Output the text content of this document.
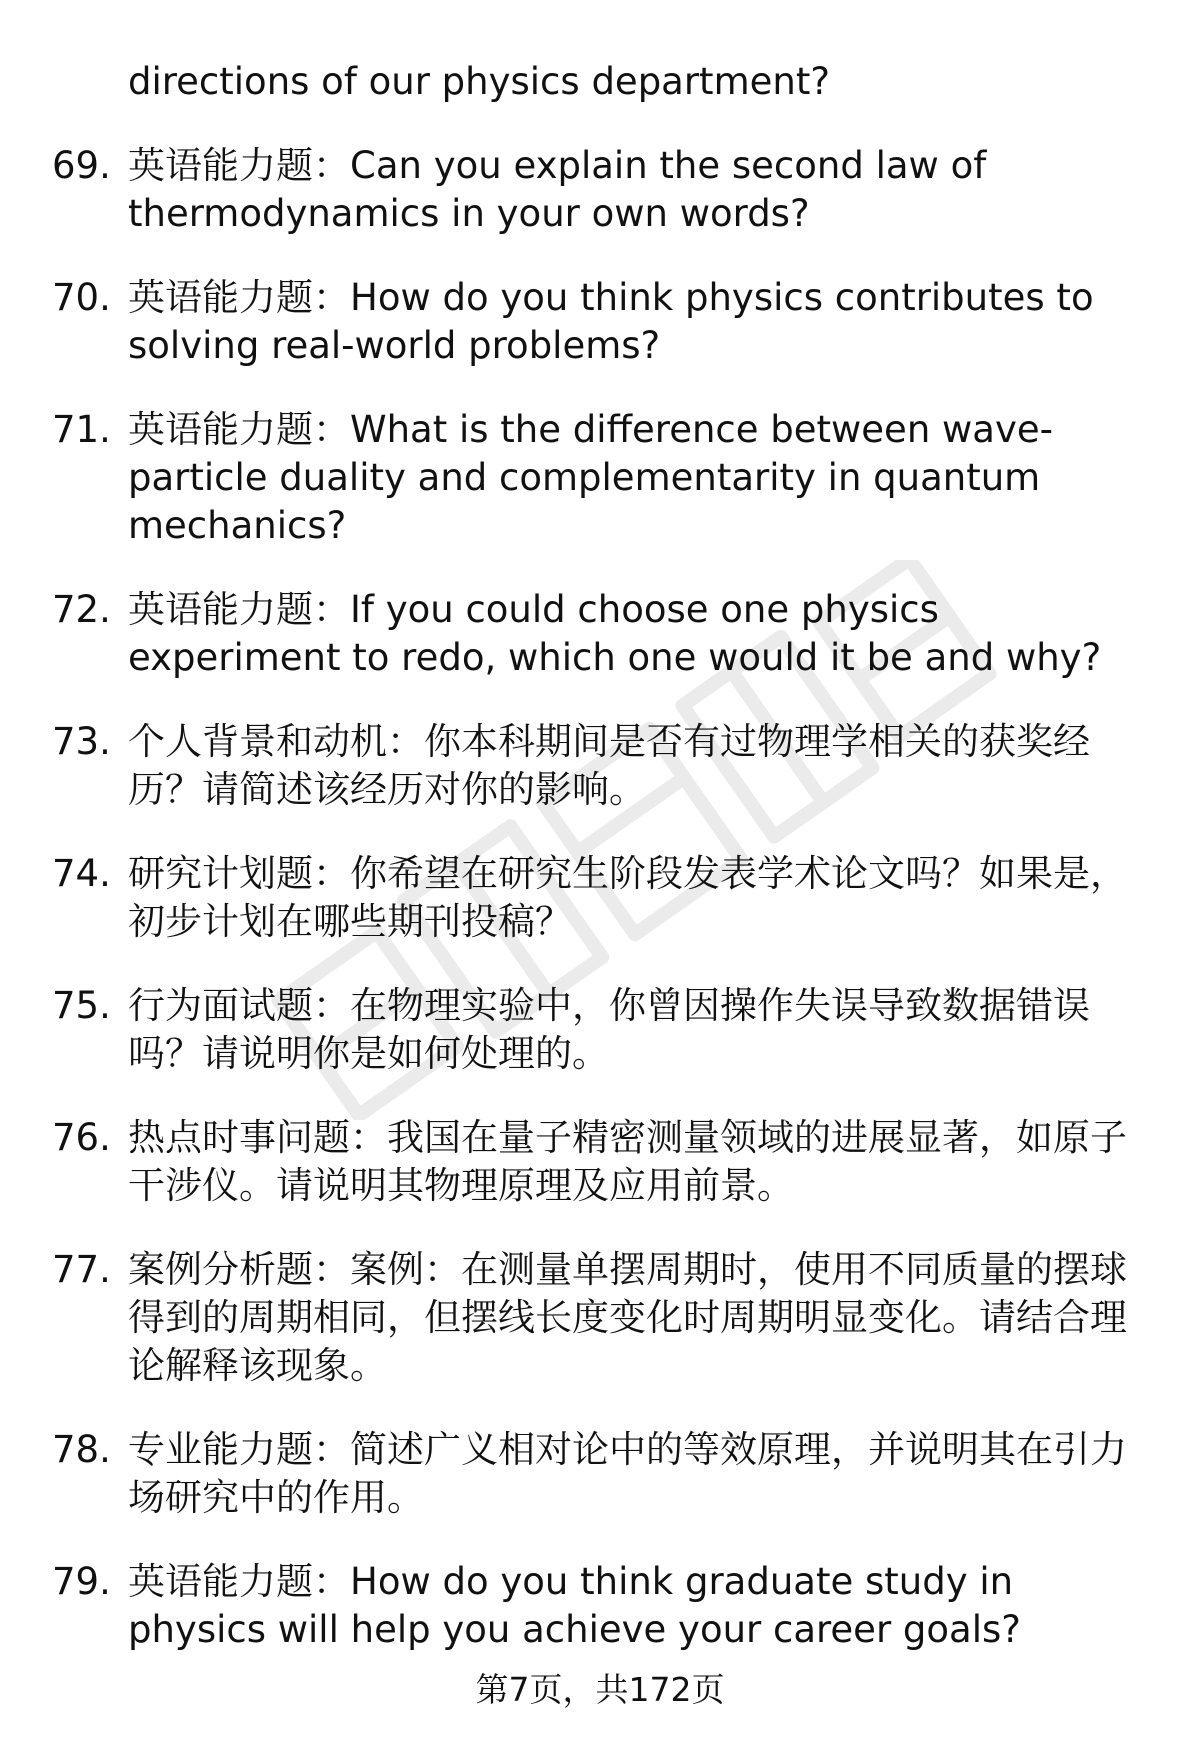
directions of our physics department?
69. 英语能力题：Can you explain the second law of thermodynamics in your own words?
70. 英语能力题：How do you think physics contributes to solving real-world problems?
71. 英语能力题：What is the difference between wave-particle duality and complementarity in quantum mechanics?
72. 英语能力题：If you could choose one physics experiment to redo, which one would it be and why?
73. 个人背景和动机：你本科期间是否有过物理学相关的获奖经历？请简述该经历对你的影响。
74. 研究计划题：你希望在研究生阶段发表学术论文吗？如果是，初步计划在哪些期刊投稿？
75. 行为面试题：在物理实验中，你曾因操作失误导致数据错误吗？请说明你是如何处理的。
76. 热点时事问题：我国在量子精密测量领域的进展显著，如原子干涉仪。请说明其物理原理及应用前景。
77. 案例分析题：案例：在测量单摆周期时，使用不同质量的摆球得到的周期相同，但摆线长度变化时周期明显变化。请结合理论解释该现象。
78. 专业能力题：简述广义相对论中的等效原理，并说明其在引力场研究中的作用。
79. 英语能力题：How do you think graduate study in physics will help you achieve your career goals?
第7页，共172页
